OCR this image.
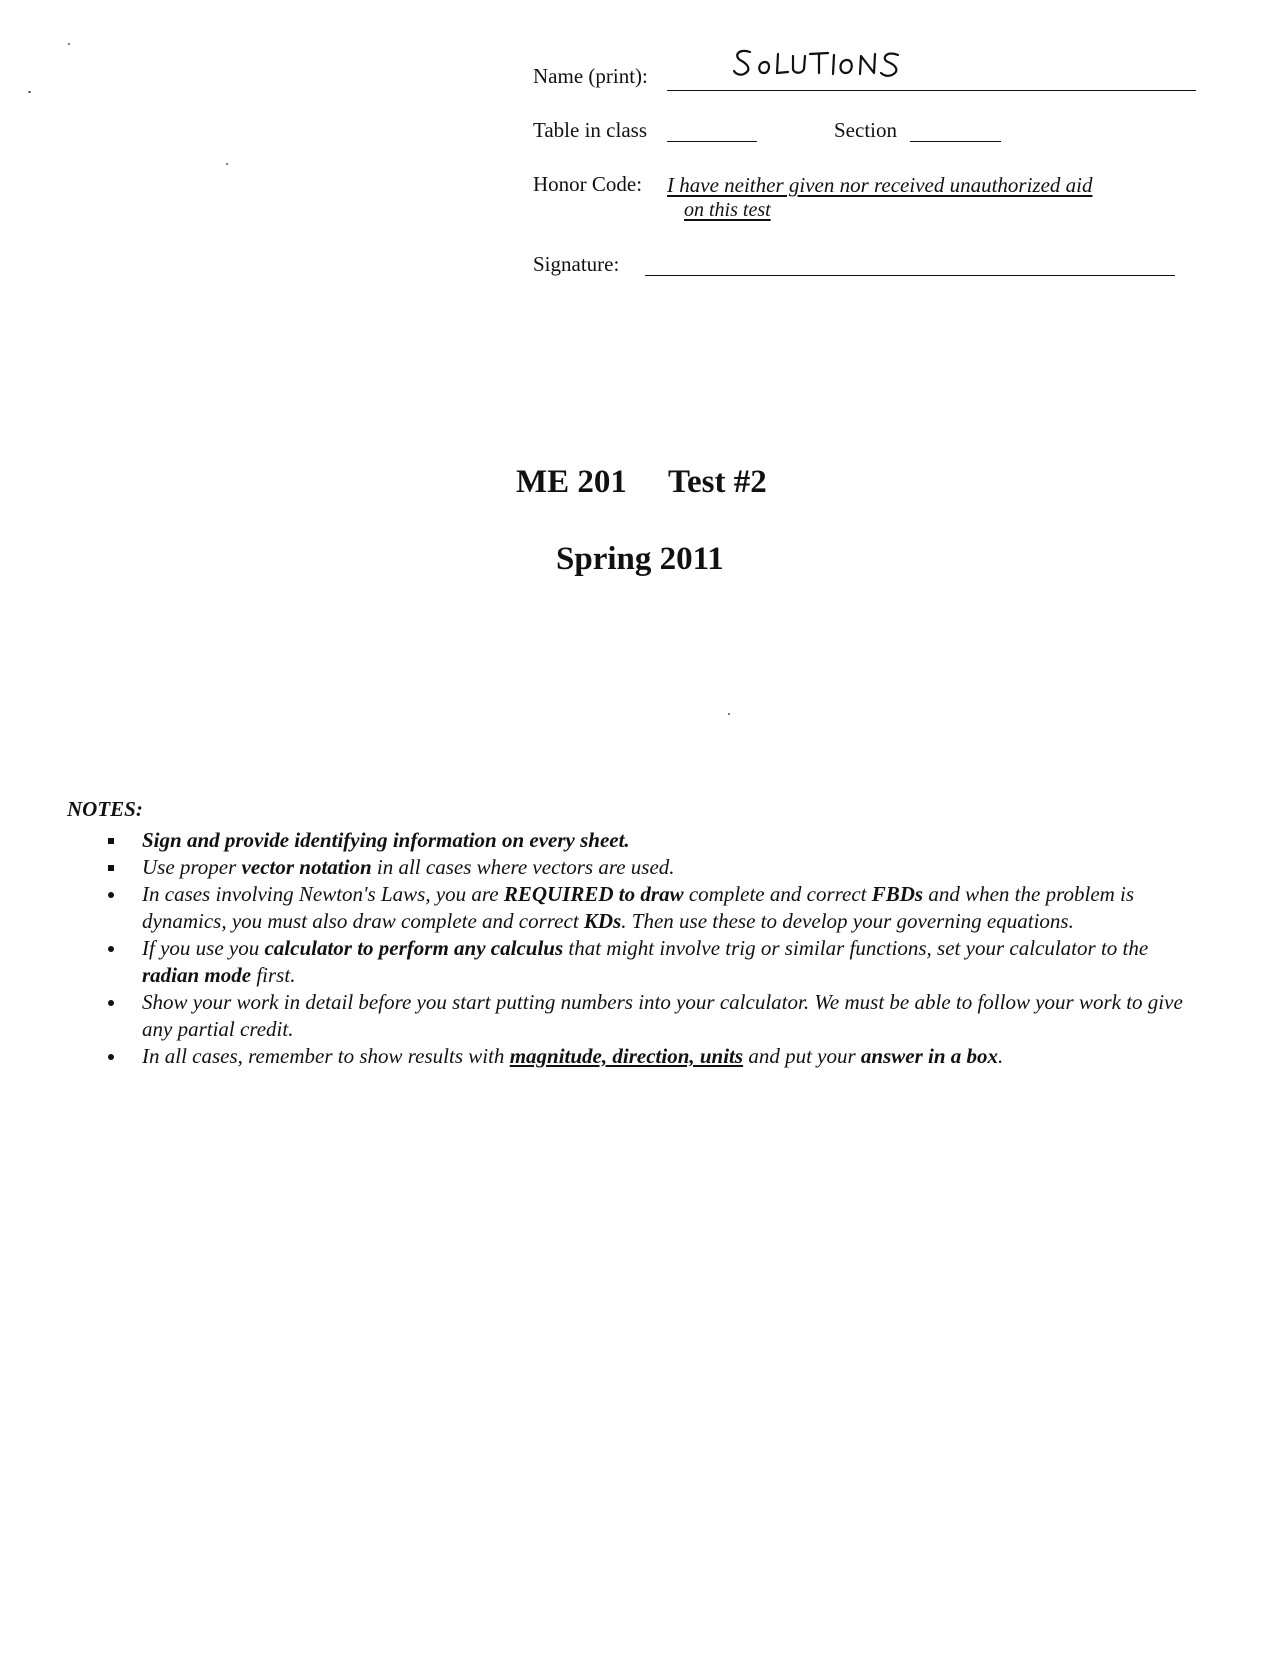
Name (print):
Table in class	Section
Honor Code: I have neither given nor received unauthorized aid
on this test
Signature:
ME 201 Test #2
Spring 2011
NOTES:
Sign and provide identifying information on every sheet.
Use proper vector notation in all cases where vectors are used.
In cases involving Newton's Laws, you are REQUIRED to draw complete and correct FBDs and when the problem is dynamics, you must also draw complete and correct KDs. Then use these to develop your governing equations.
If you use you calculator to perform any calculus that might involve trig or similar functions, set your calculator to the radian mode first.
Show your work in detail before you start putting numbers into your calculator. We must be able to follow your work to give any partial credit.
In all cases, remember to show results with magnitude, direction, units and put your answer in a box.
